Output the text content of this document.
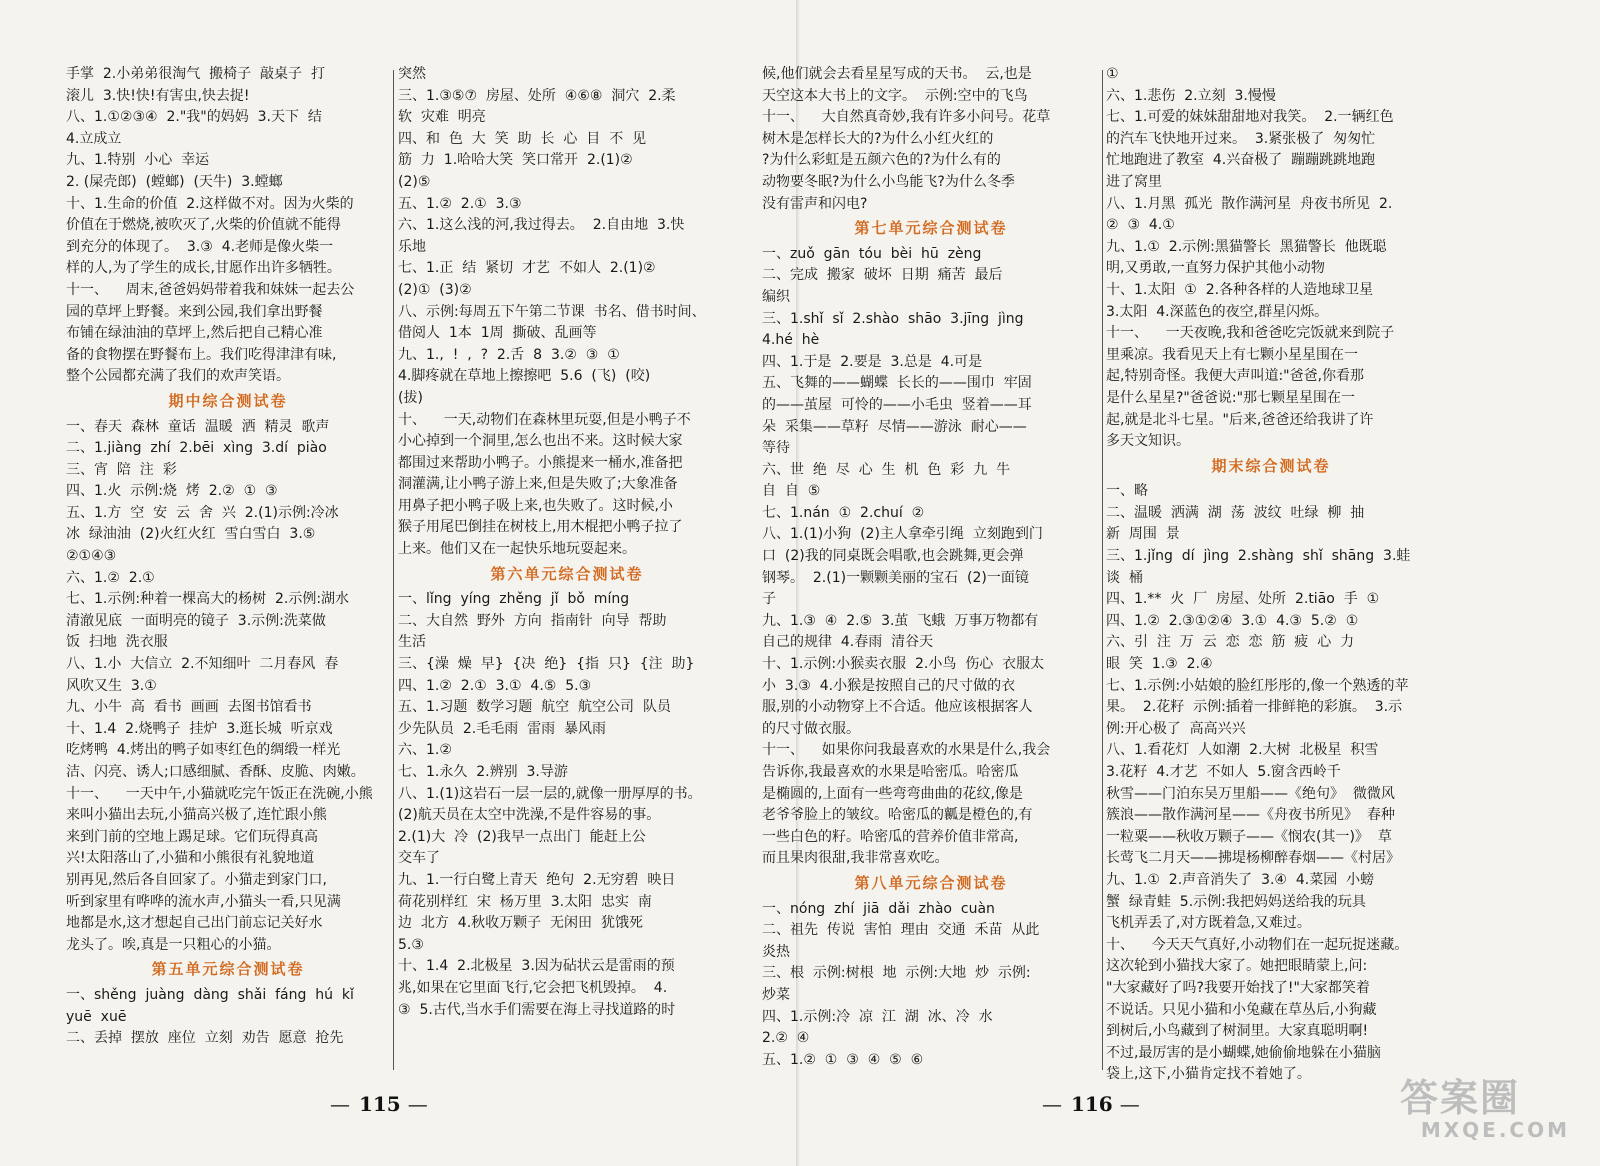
手掌  2.小弟弟很淘气  搬椅子  敲桌子  打

滚儿  3.快!快!有害虫,快去捉!

八、1.①②③④  2."我"的妈妈  3.天下  结

4.立成立

九、1.特别  小心  幸运

2. (屎壳郎)  (螳螂)  (天牛)  3.螳螂

十、1.生命的价值  2.这样做不对。因为火柴的

价值在于燃烧,被吹灭了,火柴的价值就不能得

到充分的体现了。  3.③  4.老师是像火柴一

样的人,为了学生的成长,甘愿作出许多牺牲。

十一、    周末,爸爸妈妈带着我和妹妹一起去公

园的草坪上野餐。来到公园,我们拿出野餐

布铺在绿油油的草坪上,然后把自己精心准

备的食物摆在野餐布上。我们吃得津津有味,

整个公园都充满了我们的欢声笑语。

期中综合测试卷

一、春天  森林  童话  温暖  洒  精灵  歌声

二、1.jiàng  zhí  2.bēi  xìng  3.dí  piào

三、宵  陪  注  彩

四、1.火  示例:烧  烤  2.②  ①  ③

五、1.方  空  安  云  舍  兴  2.(1)示例:冷冰

冰  绿油油  (2)火红火红  雪白雪白  3.⑤

②①④③

六、1.②  2.①

七、1.示例:种着一棵高大的杨树  2.示例:湖水

清澈见底  一面明亮的镜子  3.示例:洗菜做

饭  扫地  洗衣服

八、1.小  大信立  2.不知细叶  二月春风  春

风吹又生  3.①

九、小牛  高  看书  画画  去图书馆看书

十、1.4  2.烧鸭子  挂炉  3.逛长城  听京戏

吃烤鸭  4.烤出的鸭子如枣红色的绸缎一样光

洁、闪亮、诱人;口感细腻、香酥、皮脆、肉嫩。

十一、    一天中午,小猫就吃完午饭正在洗碗,小熊

来叫小猫出去玩,小猫高兴极了,连忙跟小熊

来到门前的空地上踢足球。它们玩得真高

兴!太阳落山了,小猫和小熊很有礼貌地道

别再见,然后各自回家了。小猫走到家门口,

听到家里有哗哗的流水声,小猫头一看,只见满

地都是水,这才想起自己出门前忘记关好水

龙头了。唉,真是一只粗心的小猫。

第五单元综合测试卷

一、shěng  juàng  dàng  shǎi  fáng  hú  kǐ

yuē  xuē

二、丢掉  摆放  座位  立刻  劝告  愿意  抢先

突然

三、1.③⑤⑦  房屋、处所  ④⑥⑧  洞穴  2.柔

软  灾难  明亮

四、和  色  大  笑  助  长  心  目  不  见

筋  力  1.哈哈大笑  笑口常开  2.(1)②

(2)⑤

五、1.②  2.①  3.③

六、1.这么浅的河,我过得去。  2.自由地  3.快

乐地

七、1.正  结  紧切  才艺  不如人  2.(1)②

(2)①  (3)②

八、示例:每周五下午第二节课  书名、借书时间、

借阅人  1本  1周  撕破、乱画等

九、1.,  !  ,  ?  2.舌  8  3.②  ③  ①

4.脚疼就在草地上擦擦吧  5.6  (飞)  (咬)

(拔)

十、    一天,动物们在森林里玩耍,但是小鸭子不

小心掉到一个洞里,怎么也出不来。这时候大家

都围过来帮助小鸭子。小熊提来一桶水,准备把

洞灌满,让小鸭子游上来,但是失败了;大象准备

用鼻子把小鸭子吸上来,也失败了。这时候,小

猴子用尾巴倒挂在树枝上,用木棍把小鸭子拉了

上来。他们又在一起快乐地玩耍起来。

第六单元综合测试卷

一、lǐng  yíng  zhěng  jǐ  bǒ  míng

二、大自然  野外  方向  指南针  向导  帮助

生活

三、{澡  燥  早}  {决  绝}  {指  只}  {注  助}

四、1.②  2.①  3.①  4.⑤  5.③

五、1.习题  数学习题  航空  航空公司  队员

少先队员  2.毛毛雨  雷雨  暴风雨

六、1.②

七、1.永久  2.辨别  3.导游

八、1.(1)这岩石一层一层的,就像一册厚厚的书。

(2)航天员在太空中洗澡,不是件容易的事。

2.(1)大  冷  (2)我早一点出门  能赶上公

交车了

九、1.一行白鹭上青天  绝句  2.无穷碧  映日

荷花别样红  宋  杨万里  3.太阳  忠实  南

边  北方  4.秋收万颗子  无闲田  犹饿死

5.③

十、1.4  2.北极星  3.因为砧状云是雷雨的预

兆,如果在它里面飞行,它会把飞机毁掉。  4.

③  5.古代,当水手们需要在海上寻找道路的时

— 115 —

候,他们就会去看星星写成的天书。  云,也是

天空这本大书上的文字。  示例:空中的飞鸟

十一、    大自然真奇妙,我有许多小问号。花草

树木是怎样长大的?为什么小红火红的

?为什么彩虹是五颜六色的?为什么有的

动物要冬眠?为什么小鸟能飞?为什么冬季

没有雷声和闪电?

第七单元综合测试卷

一、zuǒ  gān  tóu  bèi  hū  zèng

二、完成  搬家  破坏  日期  痛苦  最后

编织

三、1.shǐ  sǐ  2.shào  shāo  3.jīng  jìng

4.hé  hè

四、1.于是  2.要是  3.总是  4.可是

五、飞舞的——蝴蝶  长长的——围巾  牢固

的——茧屋  可怜的——小毛虫  竖着——耳

朵  采集——草籽  尽情——游泳  耐心——

等待

六、世  绝  尽  心  生  机  色  彩  九  牛

自  自  ⑤

七、1.nán  ①  2.chuí  ②

八、1.(1)小狗  (2)主人拿牵引绳  立刻跑到门

口  (2)我的同桌既会唱歌,也会跳舞,更会弹

钢琴。  2.(1)一颗颗美丽的宝石  (2)一面镜

子

九、1.③  ④  2.⑤  3.茧  飞蛾  万事万物都有

自己的规律  4.春雨  清谷天

十、1.示例:小猴卖衣服  2.小鸟  伤心  衣服太

小  3.③  4.小猴是按照自己的尺寸做的衣

服,别的小动物穿上不合适。他应该根据客人

的尺寸做衣服。

十一、    如果你问我最喜欢的水果是什么,我会

告诉你,我最喜欢的水果是哈密瓜。哈密瓜

是椭圆的,上面有一些弯弯曲曲的花纹,像是

老爷爷脸上的皱纹。哈密瓜的瓤是橙色的,有

一些白色的籽。哈密瓜的营养价值非常高,

而且果肉很甜,我非常喜欢吃。

第八单元综合测试卷

一、nóng  zhí  jiā  dǎi  zhào  cuàn

二、祖先  传说  害怕  理由  交通  禾苗  从此

炎热

三、根  示例:树根  地  示例:大地  炒  示例:

炒菜

四、1.示例:冷  凉  江  湖  冰、冷  水

2.②  ④

五、1.②  ①  ③  ④  ⑤  ⑥

①

六、1.悲伤  2.立刻  3.慢慢

七、1.可爱的妹妹甜甜地对我笑。  2.一辆红色

的汽车飞快地开过来。  3.紧张极了  匆匆忙

忙地跑进了教室  4.兴奋极了  蹦蹦跳跳地跑

进了窝里

八、1.月黑  孤光  散作满河星  舟夜书所见  2.

②  ③  4.①

九、1.①  2.示例:黑猫警长  黑猫警长  他既聪

明,又勇敢,一直努力保护其他小动物

十、1.太阳  ①  2.各种各样的人造地球卫星

3.太阳  4.深蓝色的夜空,群星闪烁。

十一、    一天夜晚,我和爸爸吃完饭就来到院子

里乘凉。我看见天上有七颗小星星围在一

起,特别奇怪。我便大声叫道:"爸爸,你看那

是什么星星?"爸爸说:"那七颗星星围在一

起,就是北斗七星。"后来,爸爸还给我讲了许

多天文知识。

期末综合测试卷

一、略

二、温暖  洒满  湖  荡  波纹  吐绿  柳  抽

新  周围  景

三、1.jǐng  dí  jìng  2.shàng  shǐ  shāng  3.蛙

谈  桶

四、1.**  火  厂  房屋、处所  2.tiāo  手  ①

四、1.②  2.③①②④  3.①  4.③  5.②  ①

六、引  注  万  云  恋  恋  筋  疲  心  力

眼  笑  1.③  2.④

七、1.示例:小姑娘的脸红彤彤的,像一个熟透的苹

果。  2.花籽  示例:插着一排鲜艳的彩旗。  3.示

例:开心极了  高高兴兴

八、1.看花灯  人如潮  2.大树  北极星  积雪

3.花籽  4.才艺  不如人  5.窗含西岭千

秋雪——门泊东吴万里船——《绝句》  微微风

簇浪——散作满河星——《舟夜书所见》  春种

一粒粟——秋收万颗子——《悯农(其一)》  草

长莺飞二月天——拂堤杨柳醉春烟——《村居》

九、1.①  2.声音消失了  3.④  4.菜园  小螃

蟹  绿青蛙  5.示例:我把妈妈送给我的玩具

飞机弄丢了,对方既着急,又难过。

十、    今天天气真好,小动物们在一起玩捉迷藏。

这次轮到小猫找大家了。她把眼睛蒙上,问:

"大家藏好了吗?我要开始找了!"大家都笑着

不说话。只见小猫和小兔藏在草丛后,小狗藏

到树后,小鸟藏到了树洞里。大家真聪明啊!

不过,最厉害的是小蝴蝶,她偷偷地躲在小猫脑

袋上,这下,小猫肯定找不着她了。

— 116 —	答案圈
MXQE.COM
